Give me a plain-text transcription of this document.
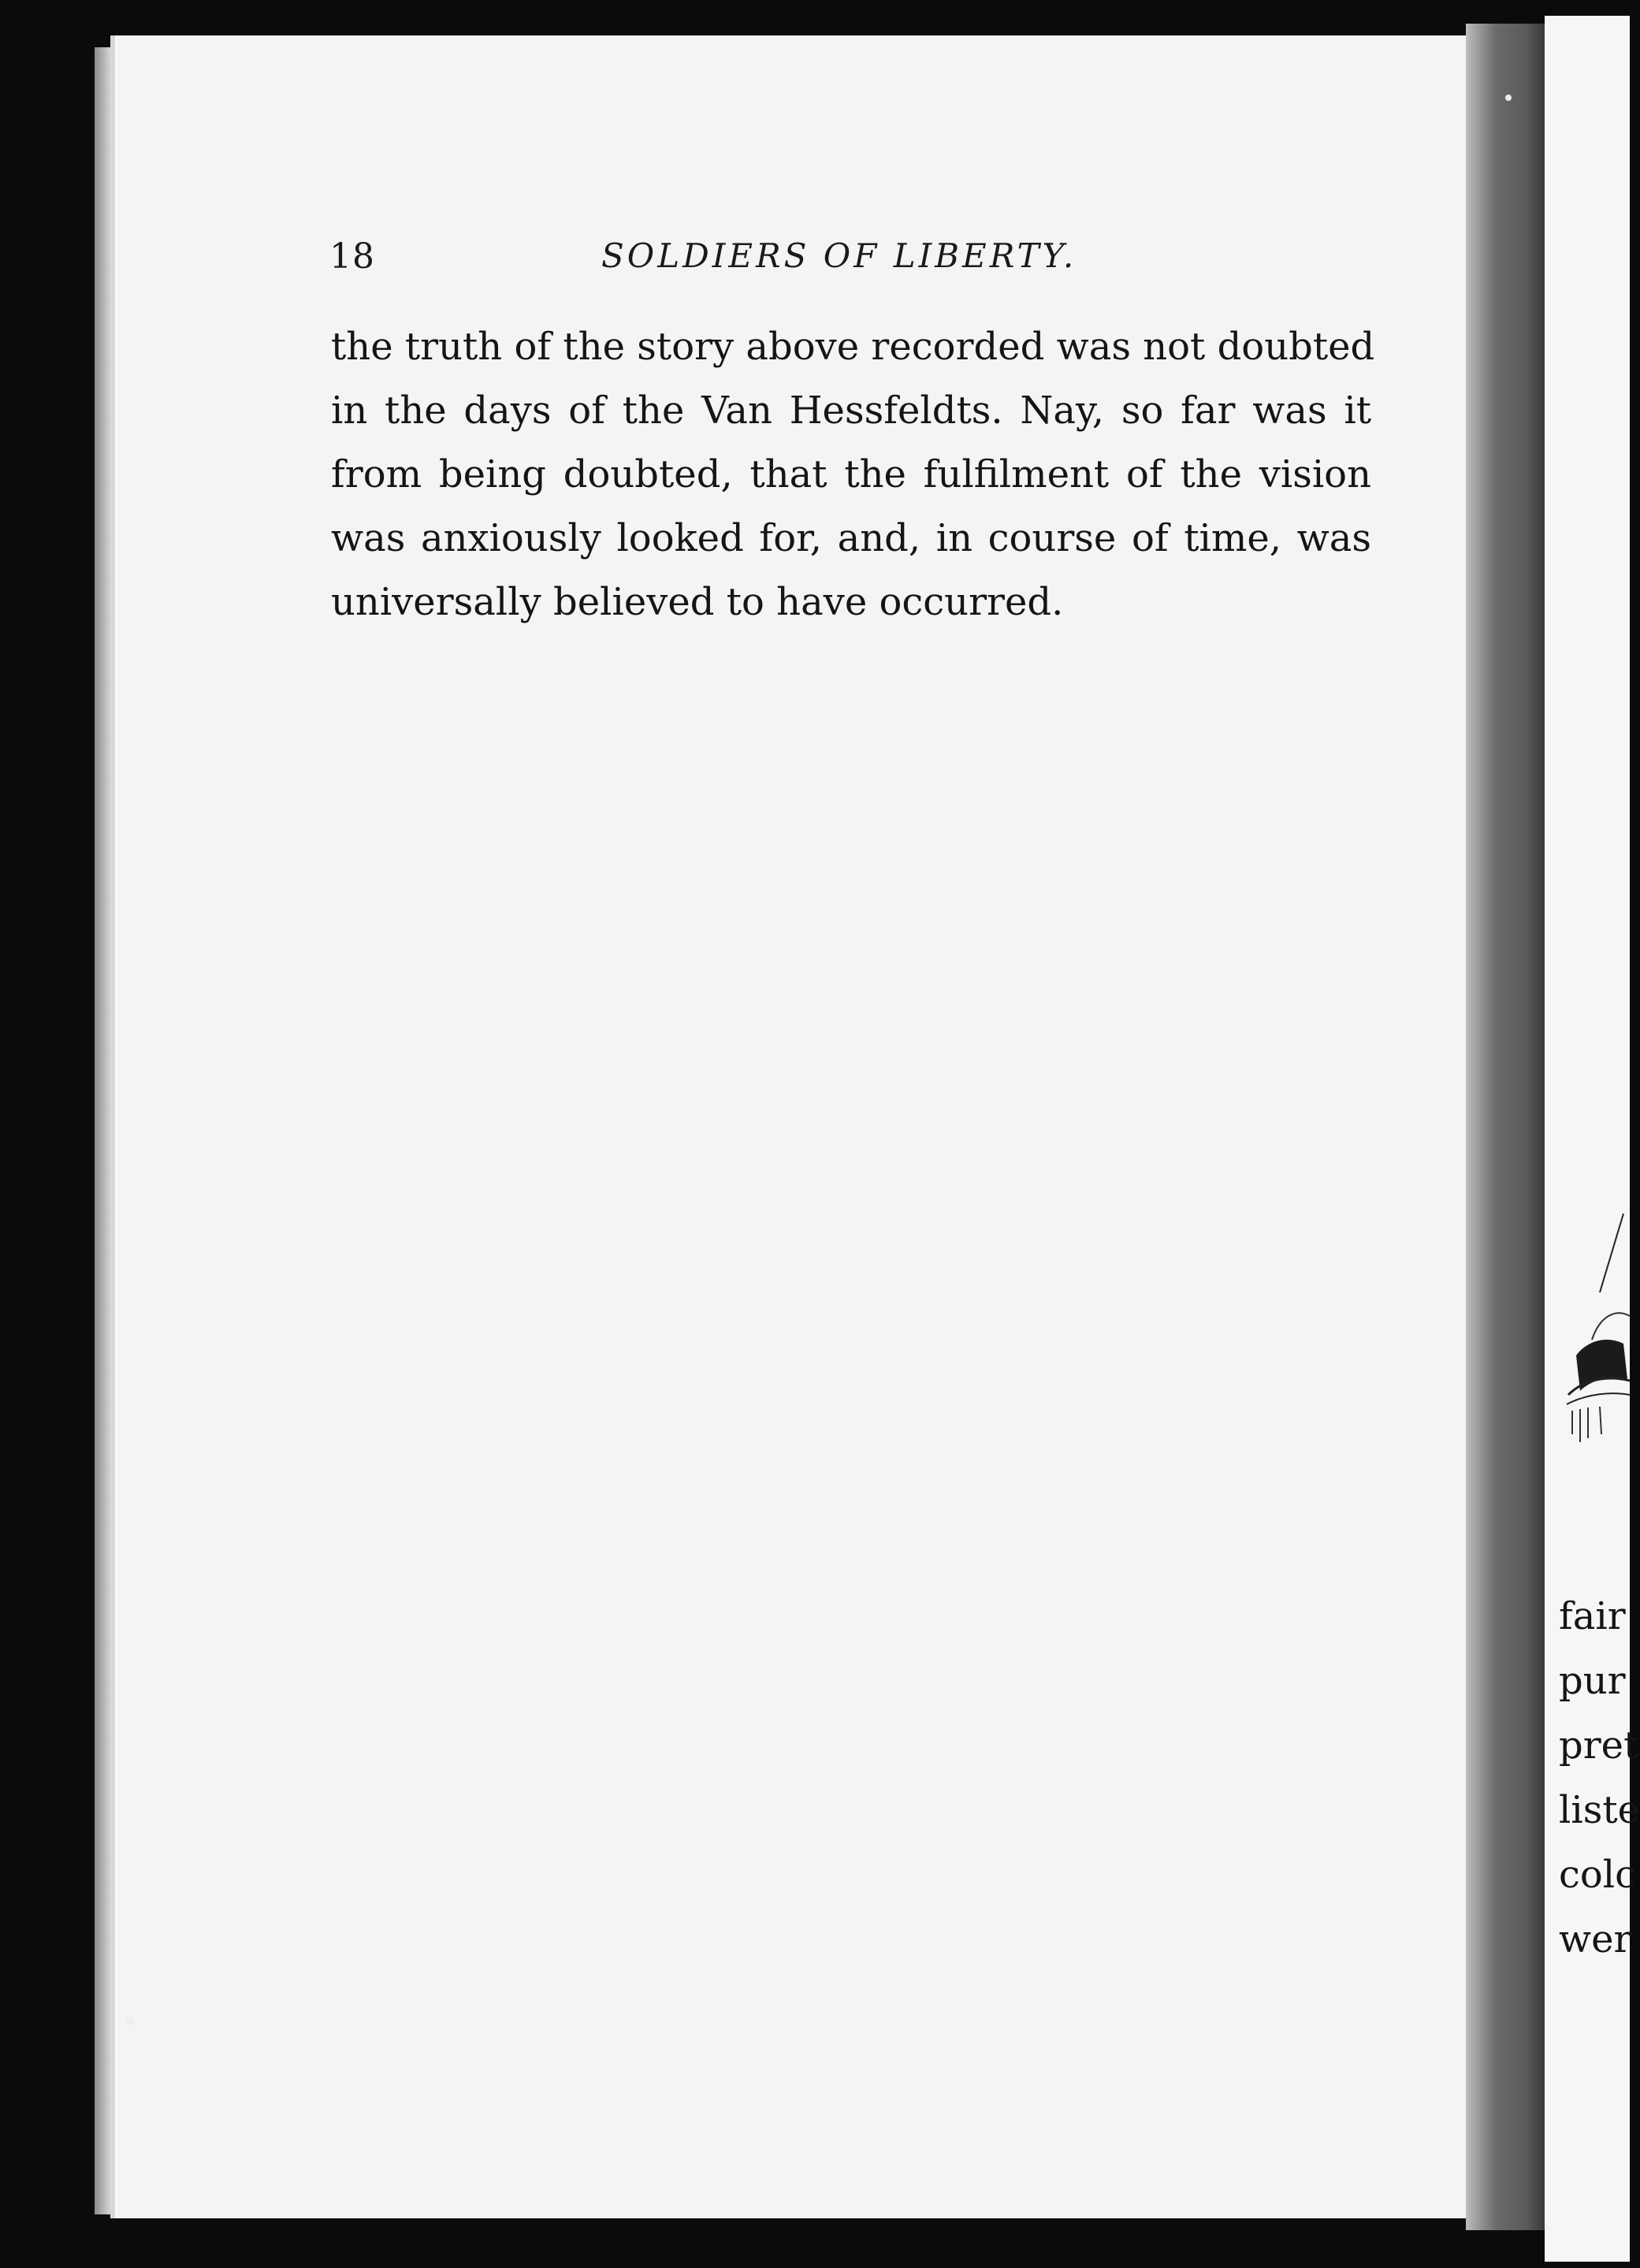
18	SOLDIERS OF LIBERTY.
the truth of the story above recorded was not doubted
in the days of the Van Hessfeldts. Nay, so far was it
from being doubted, that the fulfilment of the vision
was anxiously looked for, and, in course of time, was
universally believed to have occurred.
fair
pur
pret
liste
colc
wer
